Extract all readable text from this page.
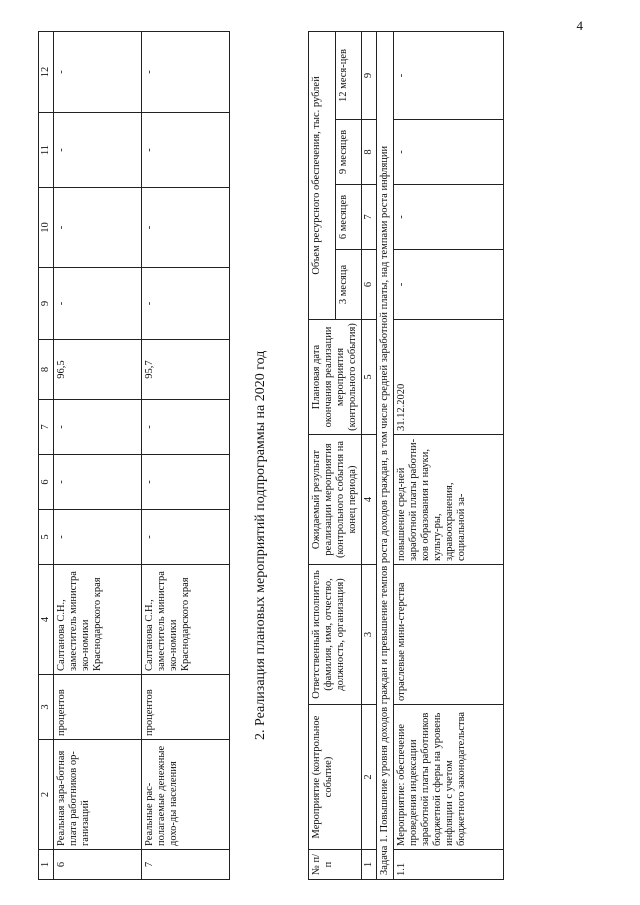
4
1	2	3	4	5	6	7	8	9	10	11	12
6	Реальная зара-ботная плата работников ор-ганизаций	процентов	Салтанова С.Н., заместитель министра эко-номики Краснодарского края	-	-	-	96,5	-	-	-	-
7	Реальные рас-полагаемые денежные дохо-ды населения	процентов	Салтанова С.Н., заместитель министра эко-номики Краснодарского края	-	-	-	95,7	-	-	-	-
2. Реализация плановых мероприятий подпрограммы на 2020 год
№ п/п	Мероприятие (контрольное событие)	Ответственный исполнитель (фамилия, имя, отчество, должность, организация)	Ожидаемый результат реализации мероприятия (контрольного события на конец периода)	Плановая дата окончания реализации мероприятия (контрольного события)	Объем ресурсного обеспечения, тыс. рублей			
					3 месяца	6 месяцев	9 месяцев	12 меся-цев
1	2	3	4	5	6	7	8	9
Задача 1. Повышение уровня доходов граждан и превышение темпов роста доходов граждан, в том числе средней заработной платы, над темпами роста инфляции								
1.1	Мероприятие: обеспечение проведения индексации заработной платы работников бюджетной сферы на уровень инфляции с учетом бюджетного законодательства	отраслевые мини-стерства	повышение сред-ней заработной платы работни-ков образования и науки, культу-ры, здравоохранения, социальной за-	31.12.2020	-	-	-	-
